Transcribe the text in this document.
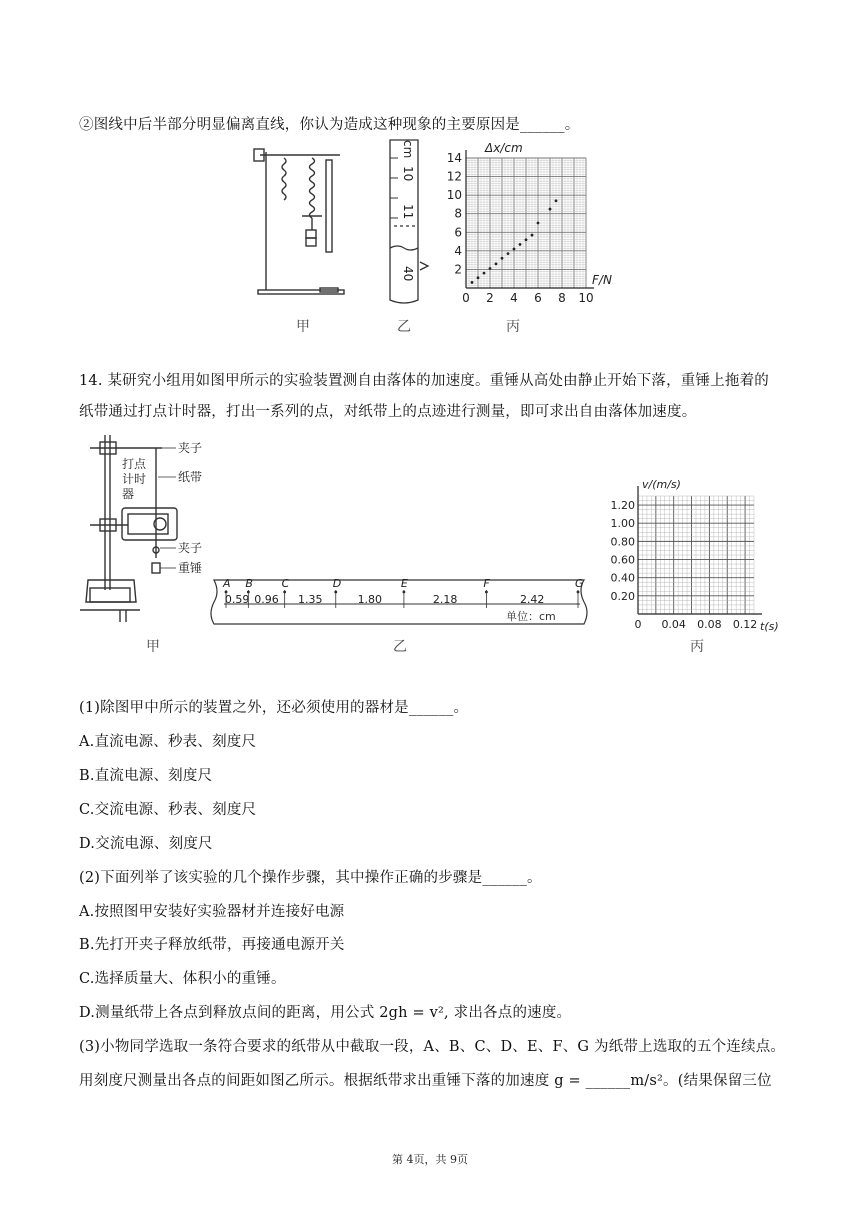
②图线中后半部分明显偏离直线，你认为造成这种现象的主要原因是______。
cm
10
11
40	2
4
6
8
10
12
14
0 2 4 6 8 10
Δx/cm
F/N
甲	乙	丙
14. 某研究小组用如图甲所示的实验装置测自由落体的加速度。重锤从高处由静止开始下落，重锤上拖着的
纸带通过打点计时器，打出一系列的点，对纸带上的点迹进行测量，即可求出自由落体加速度。
夹子
纸带
打点
计时
器
夹子
重锤
A B	C	D	E	F	G
0.59 0.96 1.35	1.80	2.18	2.42
单位：cm
1.20
1.00
0.80
0.60
0.40
0.20
0 0.04 0.08 0.12
v/(m/s)
t(s)
甲	乙	丙
(1)除图甲中所示的装置之外，还必须使用的器材是______。
A.直流电源、秒表、刻度尺
B.直流电源、刻度尺
C.交流电源、秒表、刻度尺
D.交流电源、刻度尺
(2)下面列举了该实验的几个操作步骤，其中操作正确的步骤是______。
A.按照图甲安装好实验器材并连接好电源
B.先打开夹子释放纸带，再接通电源开关
C.选择质量大、体积小的重锤。
D.测量纸带上各点到释放点间的距离，用公式 2gh = v², 求出各点的速度。
(3)小物同学选取一条符合要求的纸带从中截取一段，A、B、C、D、E、F、G 为纸带上选取的五个连续点。
用刻度尺测量出各点的间距如图乙所示。根据纸带求出重锤下落的加速度 g = ______m/s²。(结果保留三位
第 4页，共 9页
